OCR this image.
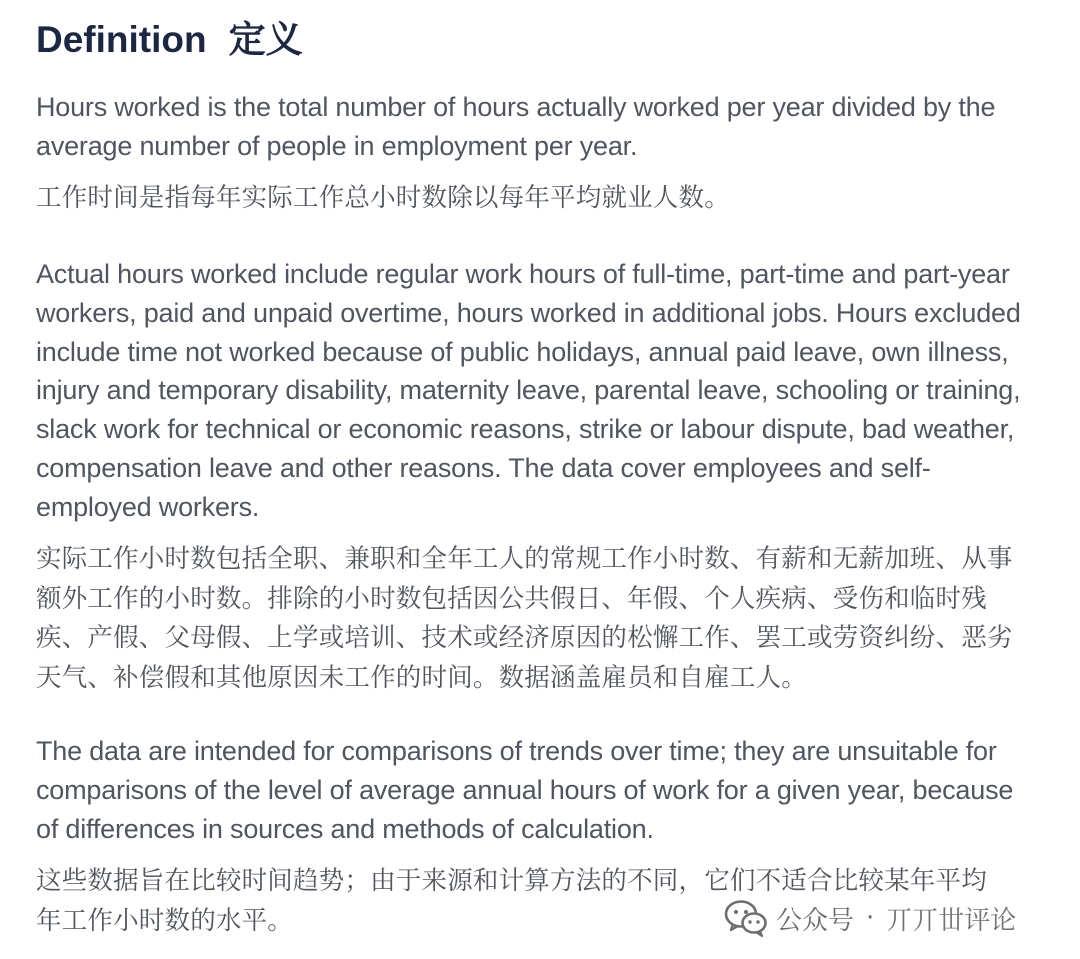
Definition 定义

Hours worked is the total number of hours actually worked per year divided by the average number of people in employment per year.

工作时间是指每年实际工作总小时数除以每年平均就业人数。

Actual hours worked include regular work hours of full-time, part-time and part-year workers, paid and unpaid overtime, hours worked in additional jobs. Hours excluded include time not worked because of public holidays, annual paid leave, own illness, injury and temporary disability, maternity leave, parental leave, schooling or training, slack work for technical or economic reasons, strike or labour dispute, bad weather, compensation leave and other reasons. The data cover employees and self-employed workers.

实际工作小时数包括全职、兼职和全年工人的常规工作小时数、有薪和无薪加班、从事额外工作的小时数。排除的小时数包括因公共假日、年假、个人疾病、受伤和临时残疾、产假、父母假、上学或培训、技术或经济原因的松懈工作、罢工或劳资纠纷、恶劣天气、补偿假和其他原因未工作的时间。数据涵盖雇员和自雇工人。

The data are intended for comparisons of trends over time; they are unsuitable for comparisons of the level of average annual hours of work for a given year, because of differences in sources and methods of calculation.

这些数据旨在比较时间趋势；由于来源和计算方法的不同，它们不适合比较某年平均年工作小时数的水平。	公众号 · 丌丌丗评论
